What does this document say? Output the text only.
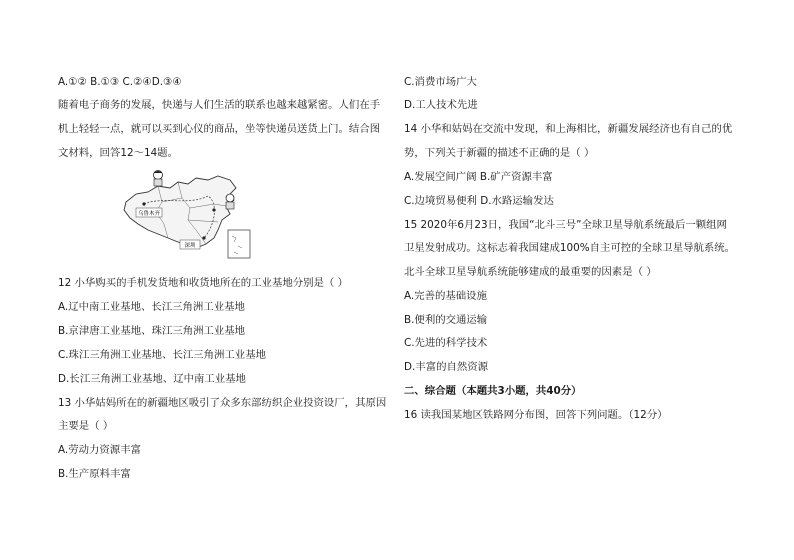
A.①② B.①③ C.②④D.③④
随着电子商务的发展，快递与人们生活的联系也越来越紧密。人们在手
机上轻轻一点，就可以买到心仪的商品，坐等快递员送货上门。结合图
文材料，回答12～14题。
12 小华购买的手机发货地和收货地所在的工业基地分别是（ ）
A.辽中南工业基地、长江三角洲工业基地
B.京津唐工业基地、珠江三角洲工业基地
C.珠江三角洲工业基地、长江三角洲工业基地
D.长江三角洲工业基地、辽中南工业基地
13 小华姑妈所在的新疆地区吸引了众多东部纺织企业投资设厂，其原因
主要是（ ）
A.劳动力资源丰富
B.生产原料丰富
乌鲁木齐
深圳
C.消费市场广大
D.工人技术先进
14 小华和姑妈在交流中发现，和上海相比，新疆发展经济也有自己的优
势，下列关于新疆的描述不正确的是（ ）
A.发展空间广阔 B.矿产资源丰富
C.边境贸易便利 D.水路运输发达
15 2020年6月23日，我国“北斗三号”全球卫星导航系统最后一颗组网
卫星发射成功。这标志着我国建成100%自主可控的全球卫星导航系统。
北斗全球卫星导航系统能够建成的最重要的因素是（ ）
A.完善的基础设施
B.便利的交通运输
C.先进的科学技术
D.丰富的自然资源
二、综合题（本题共3小题，共40分）
16 读我国某地区铁路网分布图，回答下列问题。（12分）
